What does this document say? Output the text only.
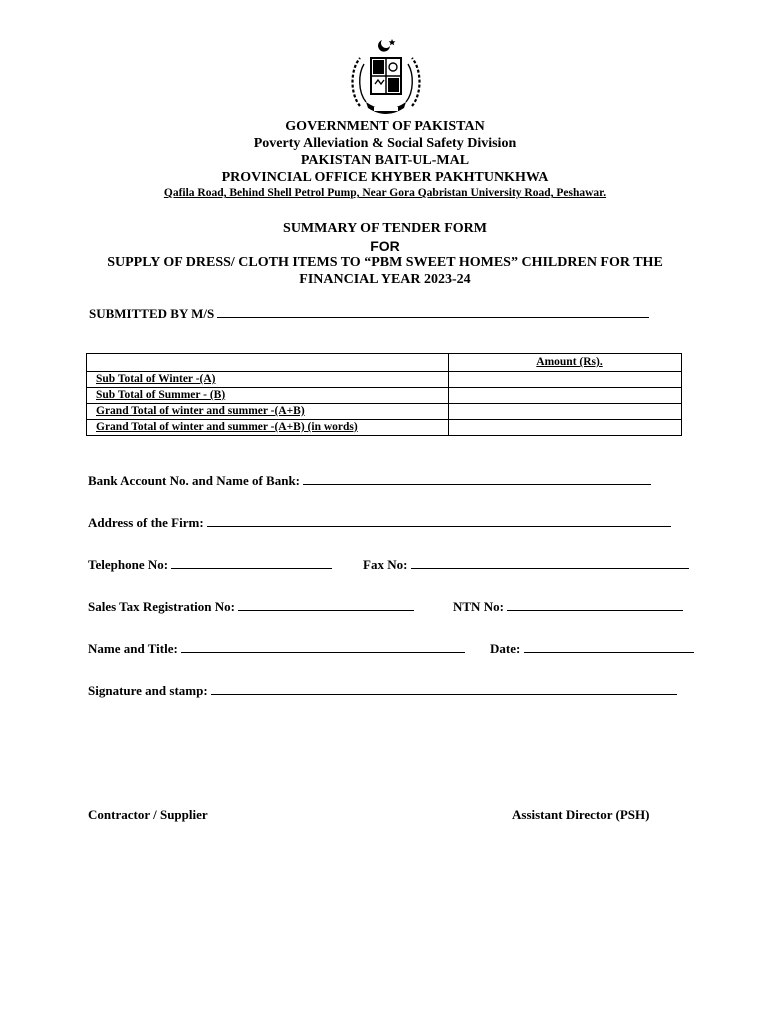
GOVERNMENT OF PAKISTAN
Poverty Alleviation & Social Safety Division
PAKISTAN BAIT-UL-MAL
PROVINCIAL OFFICE KHYBER PAKHTUNKHWA
Qafila Road, Behind Shell Petrol Pump, Near Gora Qabristan University Road, Peshawar.
SUMMARY OF TENDER FORM
FOR
SUPPLY OF DRESS/ CLOTH ITEMS TO “PBM SWEET HOMES” CHILDREN FOR THE
FINANCIAL YEAR 2023-24
SUBMITTED BY M/S
	Amount (Rs).
Sub Total of Winter -(A)	
Sub Total of Summer - (B)	
Grand Total of winter and summer -(A+B)	
Grand Total of winter and summer -(A+B) (in words)	
Bank Account No. and Name of Bank:
Address of the Firm:
Telephone No:	Fax No:
Sales Tax Registration No:	NTN No:
Name and Title:	Date:
Signature and stamp:
Contractor / Supplier	Assistant Director (PSH)
